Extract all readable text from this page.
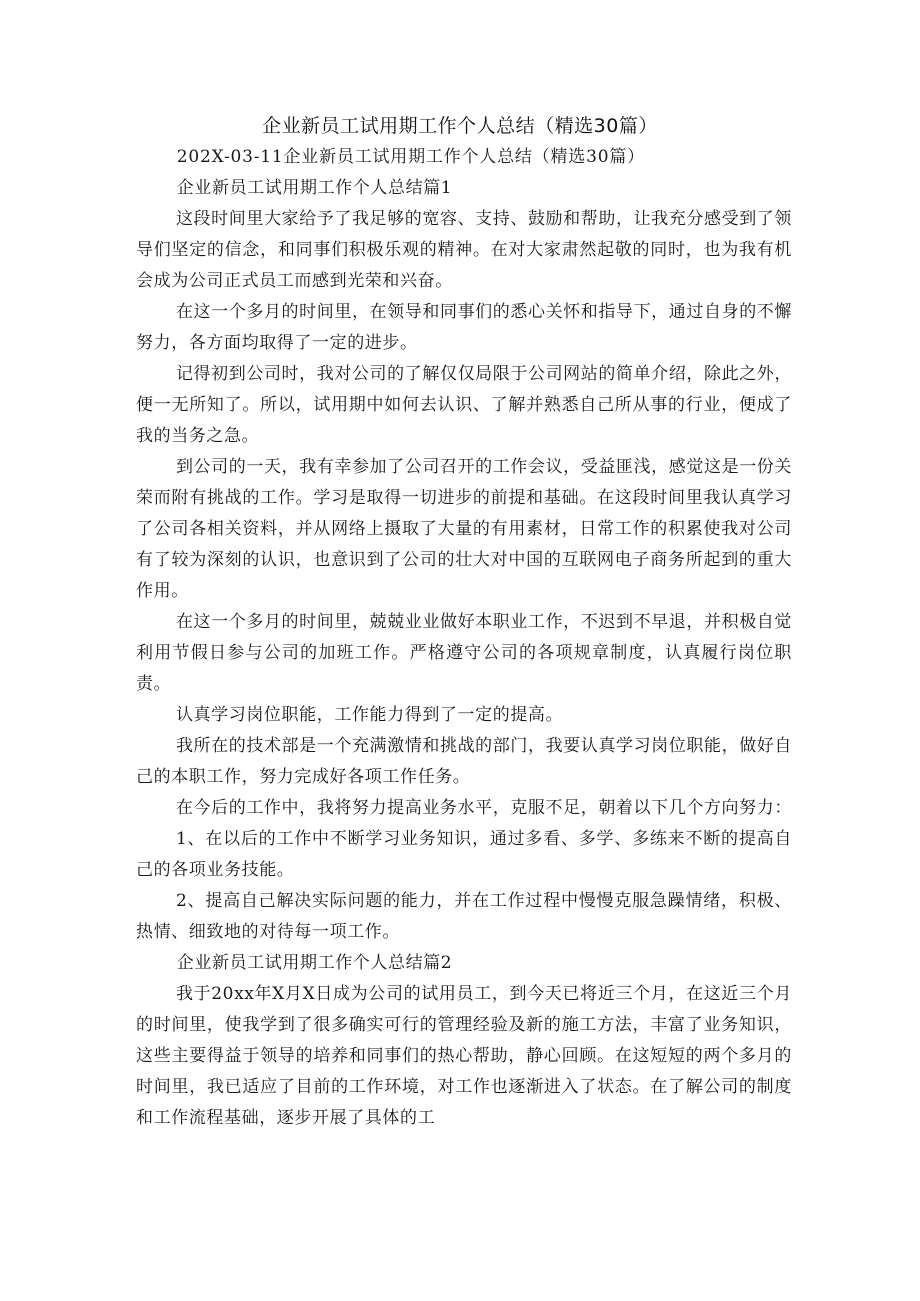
企业新员工试用期工作个人总结（精选30篇）

202X-03-11企业新员工试用期工作个人总结（精选30篇）

企业新员工试用期工作个人总结篇1

这段时间里大家给予了我足够的宽容、支持、鼓励和帮助，让我充分感受到了领导们坚定的信念，和同事们积极乐观的精神。在对大家肃然起敬的同时，也为我有机会成为公司正式员工而感到光荣和兴奋。

在这一个多月的时间里，在领导和同事们的悉心关怀和指导下，通过自身的不懈努力，各方面均取得了一定的进步。

记得初到公司时，我对公司的了解仅仅局限于公司网站的简单介绍，除此之外，便一无所知了。所以，试用期中如何去认识、了解并熟悉自己所从事的行业，便成了我的当务之急。

到公司的一天，我有幸参加了公司召开的工作会议，受益匪浅，感觉这是一份关荣而附有挑战的工作。学习是取得一切进步的前提和基础。在这段时间里我认真学习了公司各相关资料，并从网络上摄取了大量的有用素材，日常工作的积累使我对公司有了较为深刻的认识，也意识到了公司的壮大对中国的互联网电子商务所起到的重大作用。

在这一个多月的时间里，兢兢业业做好本职业工作，不迟到不早退，并积极自觉利用节假日参与公司的加班工作。严格遵守公司的各项规章制度，认真履行岗位职责。

认真学习岗位职能，工作能力得到了一定的提高。

我所在的技术部是一个充满激情和挑战的部门，我要认真学习岗位职能，做好自己的本职工作，努力完成好各项工作任务。

在今后的工作中，我将努力提高业务水平，克服不足，朝着以下几个方向努力：

1、在以后的工作中不断学习业务知识，通过多看、多学、多练来不断的提高自己的各项业务技能。

2、提高自己解决实际问题的能力，并在工作过程中慢慢克服急躁情绪，积极、热情、细致地的对待每一项工作。

企业新员工试用期工作个人总结篇2

我于20xx年X月X日成为公司的试用员工，到今天已将近三个月，在这近三个月的时间里，使我学到了很多确实可行的管理经验及新的施工方法，丰富了业务知识，这些主要得益于领导的培养和同事们的热心帮助，静心回顾。在这短短的两个多月的时间里，我已适应了目前的工作环境，对工作也逐渐进入了状态。在了解公司的制度和工作流程基础，逐步开展了具体的工
